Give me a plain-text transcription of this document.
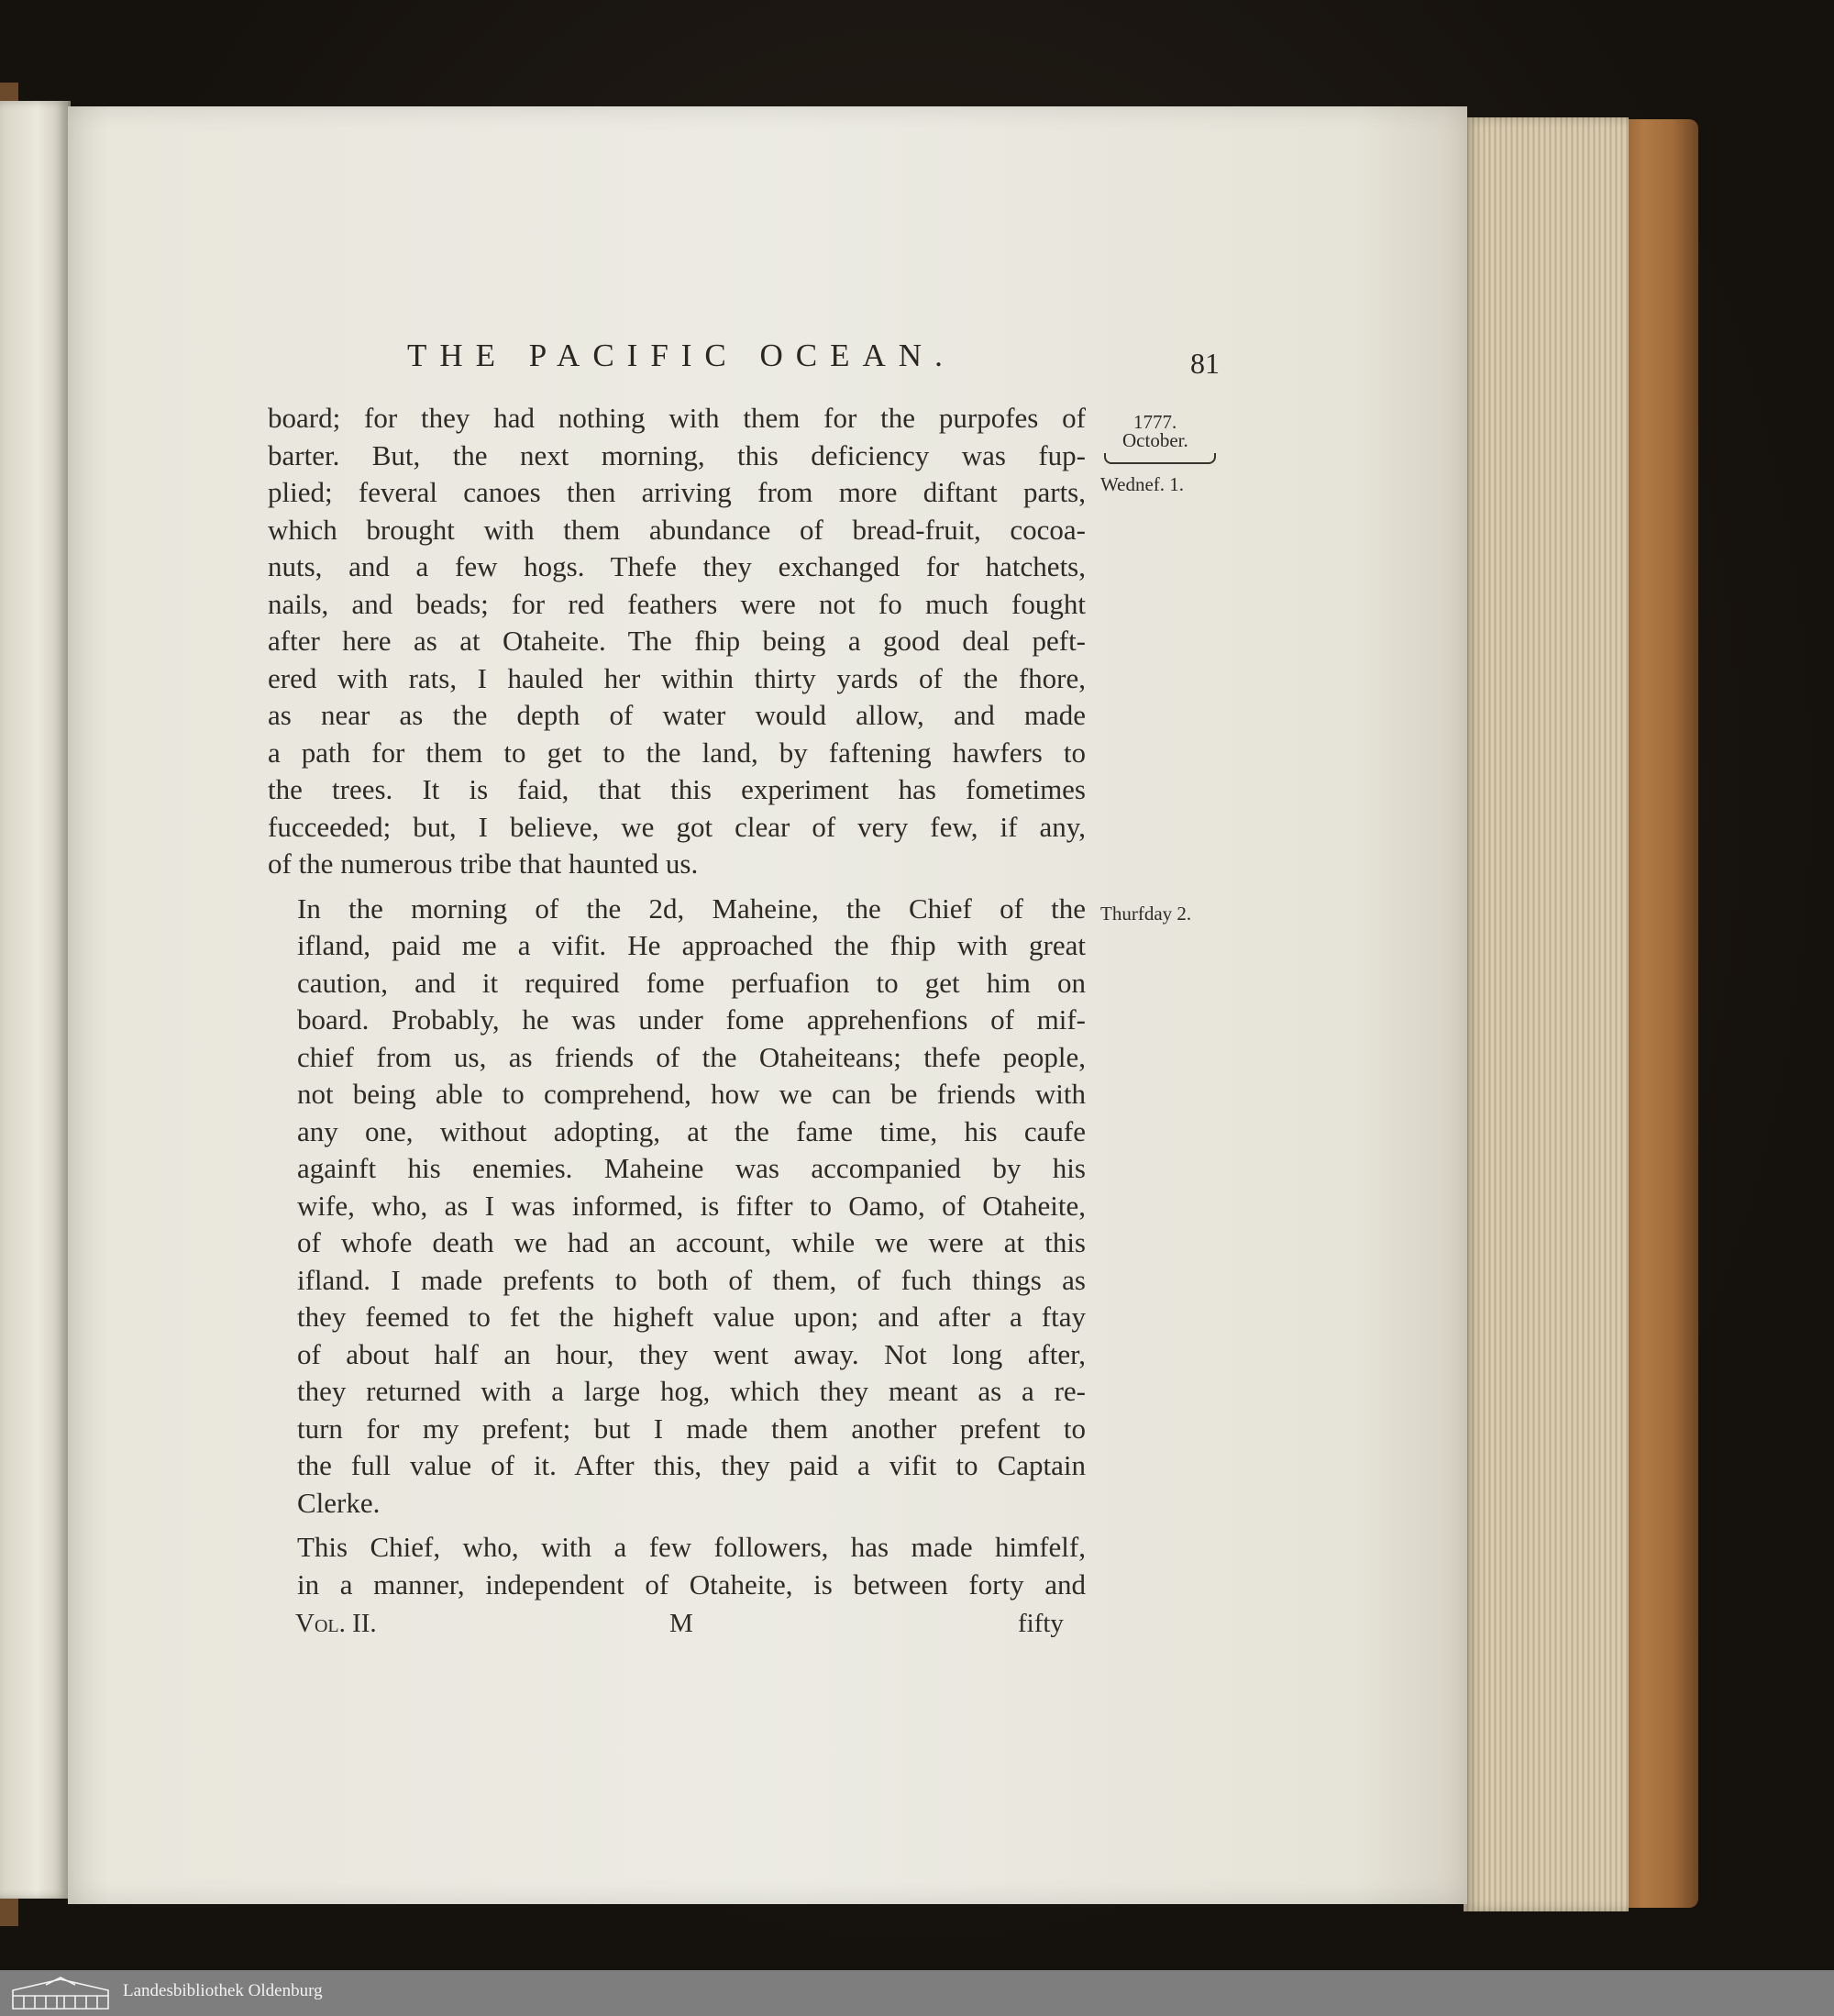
THE PACIFIC OCEAN.	81
1777.
October.
Wednef. 1.
Thurfday 2.

board; for they had nothing with them for the purpofes of
barter. But, the next morning, this deficiency was fup-
plied; feveral canoes then arriving from more diftant parts,
which brought with them abundance of bread-fruit, cocoa-
nuts, and a few hogs. Thefe they exchanged for hatchets,
nails, and beads; for red feathers were not fo much fought
after here as at Otaheite. The fhip being a good deal peft-
ered with rats, I hauled her within thirty yards of the fhore,
as near as the depth of water would allow, and made
a path for them to get to the land, by faftening hawfers to
the trees. It is faid, that this experiment has fometimes
fucceeded; but, I believe, we got clear of very few, if any,
of the numerous tribe that haunted us.

In the morning of the 2d, Maheine, the Chief of the
ifland, paid me a vifit. He approached the fhip with great
caution, and it required fome perfuafion to get him on
board. Probably, he was under fome apprehenfions of mif-
chief from us, as friends of the Otaheiteans; thefe people,
not being able to comprehend, how we can be friends with
any one, without adopting, at the fame time, his caufe
againft his enemies. Maheine was accompanied by his
wife, who, as I was informed, is fifter to Oamo, of Otaheite,
of whofe death we had an account, while we were at this
ifland. I made prefents to both of them, of fuch things as
they feemed to fet the higheft value upon; and after a ftay
of about half an hour, they went away. Not long after,
they returned with a large hog, which they meant as a re-
turn for my prefent; but I made them another prefent to
the full value of it. After this, they paid a vifit to Captain
Clerke.

This Chief, who, with a few followers, has made himfelf,
in a manner, independent of Otaheite, is between forty and

Vol. II.	M	fifty
Landesbibliothek Oldenburg
